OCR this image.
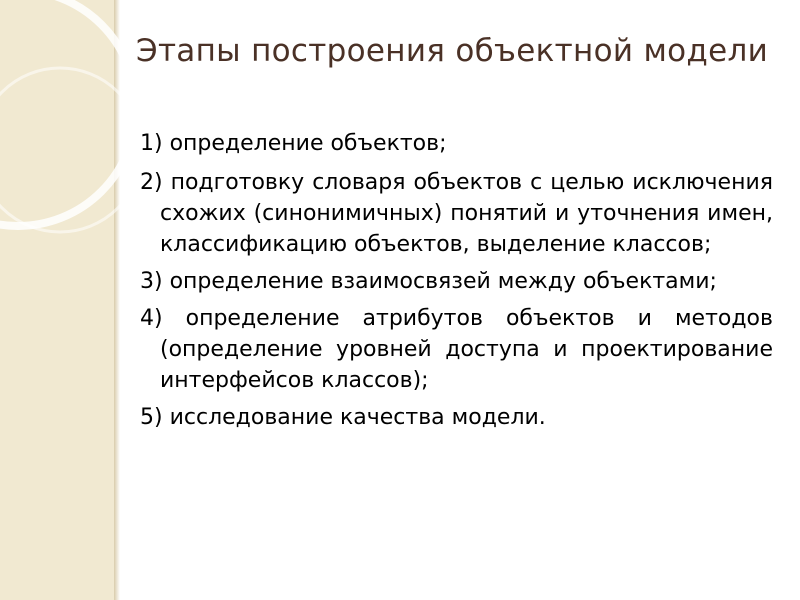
Этапы построения объектной модели
1) определение объектов;
2) подготовку словаря объектов с целью исключения схожих (синонимичных) понятий и уточнения имен, классификацию объектов, выделение классов;
3) определение взаимосвязей между объектами;
4) определение атрибутов объектов и методов (определение уровней доступа и проектирование интерфейсов классов);
5) исследование качества модели.
